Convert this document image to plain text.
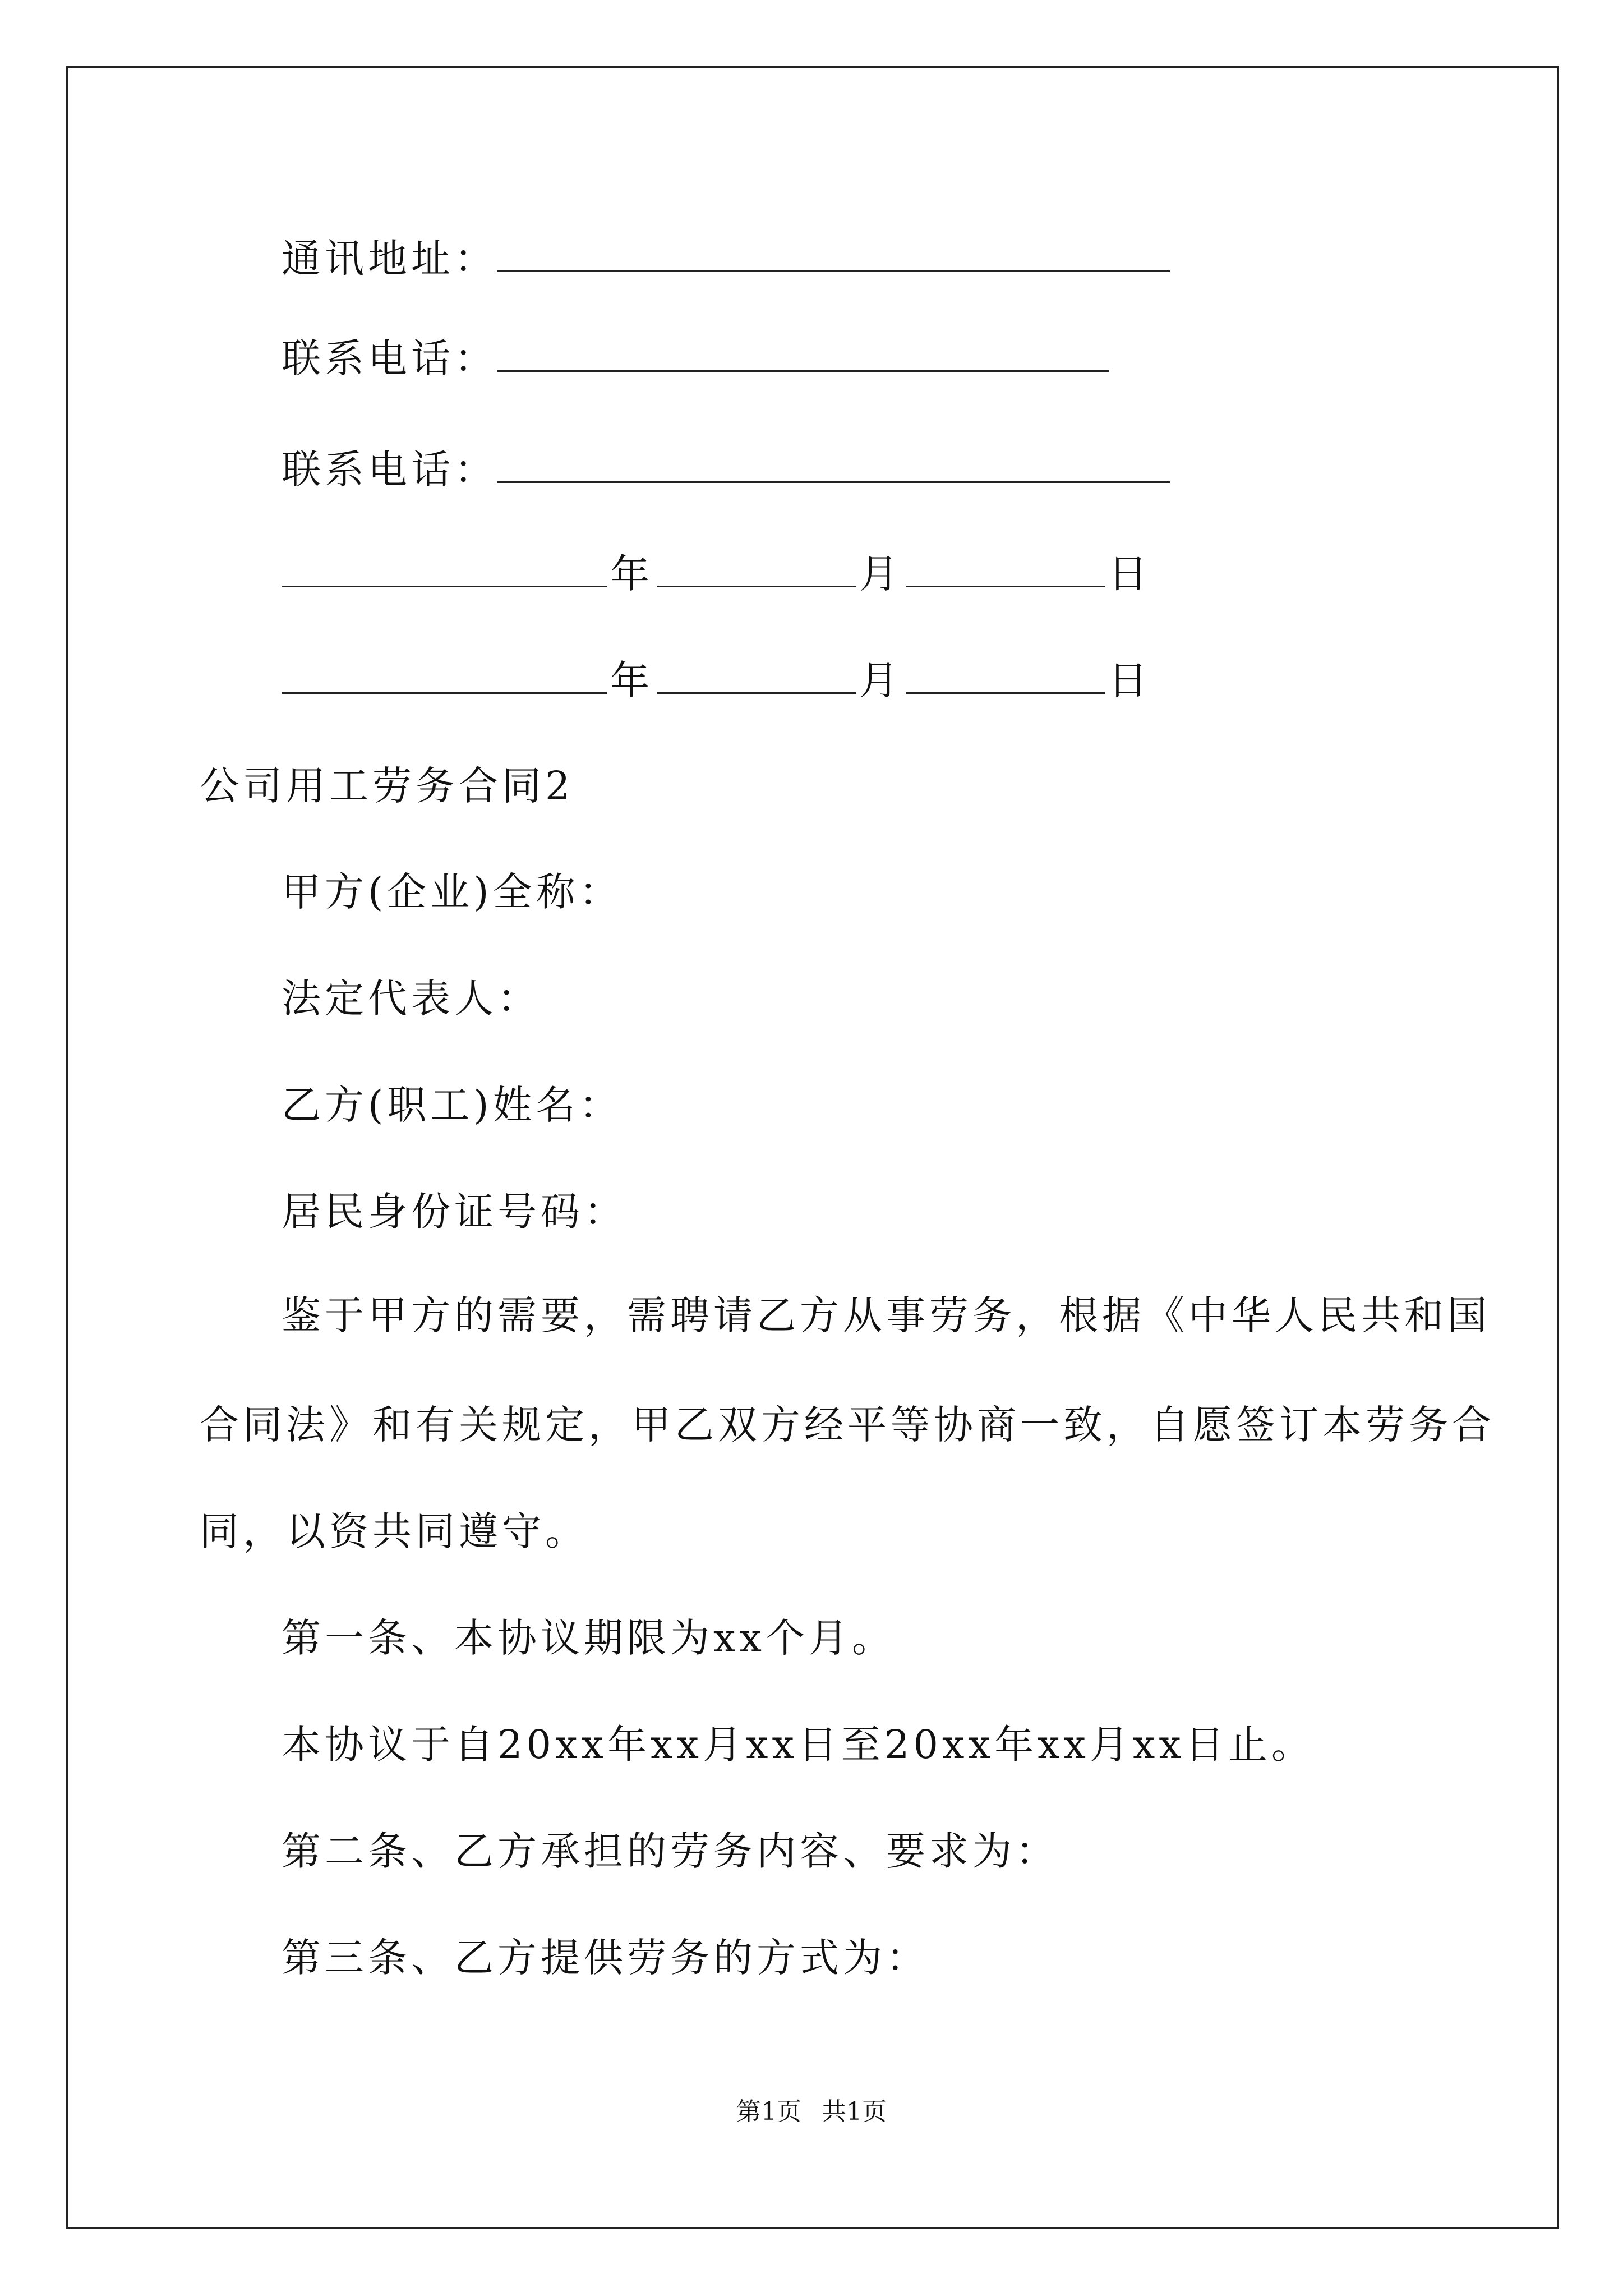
通讯地址：
联系电话：
联系电话：
年	月	日
年	月	日
公司用工劳务合同2
甲方(企业)全称：
法定代表人：
乙方(职工)姓名：
居民身份证号码：
鉴于甲方的需要，需聘请乙方从事劳务，根据《中华人民共和国
合同法》和有关规定，甲乙双方经平等协商一致，自愿签订本劳务合
同，以资共同遵守。
第一条、本协议期限为xx个月。
本协议于自20xx年xx月xx日至20xx年xx月xx日止。
第二条、乙方承担的劳务内容、要求为：
第三条、乙方提供劳务的方式为：
第1页 共1页
